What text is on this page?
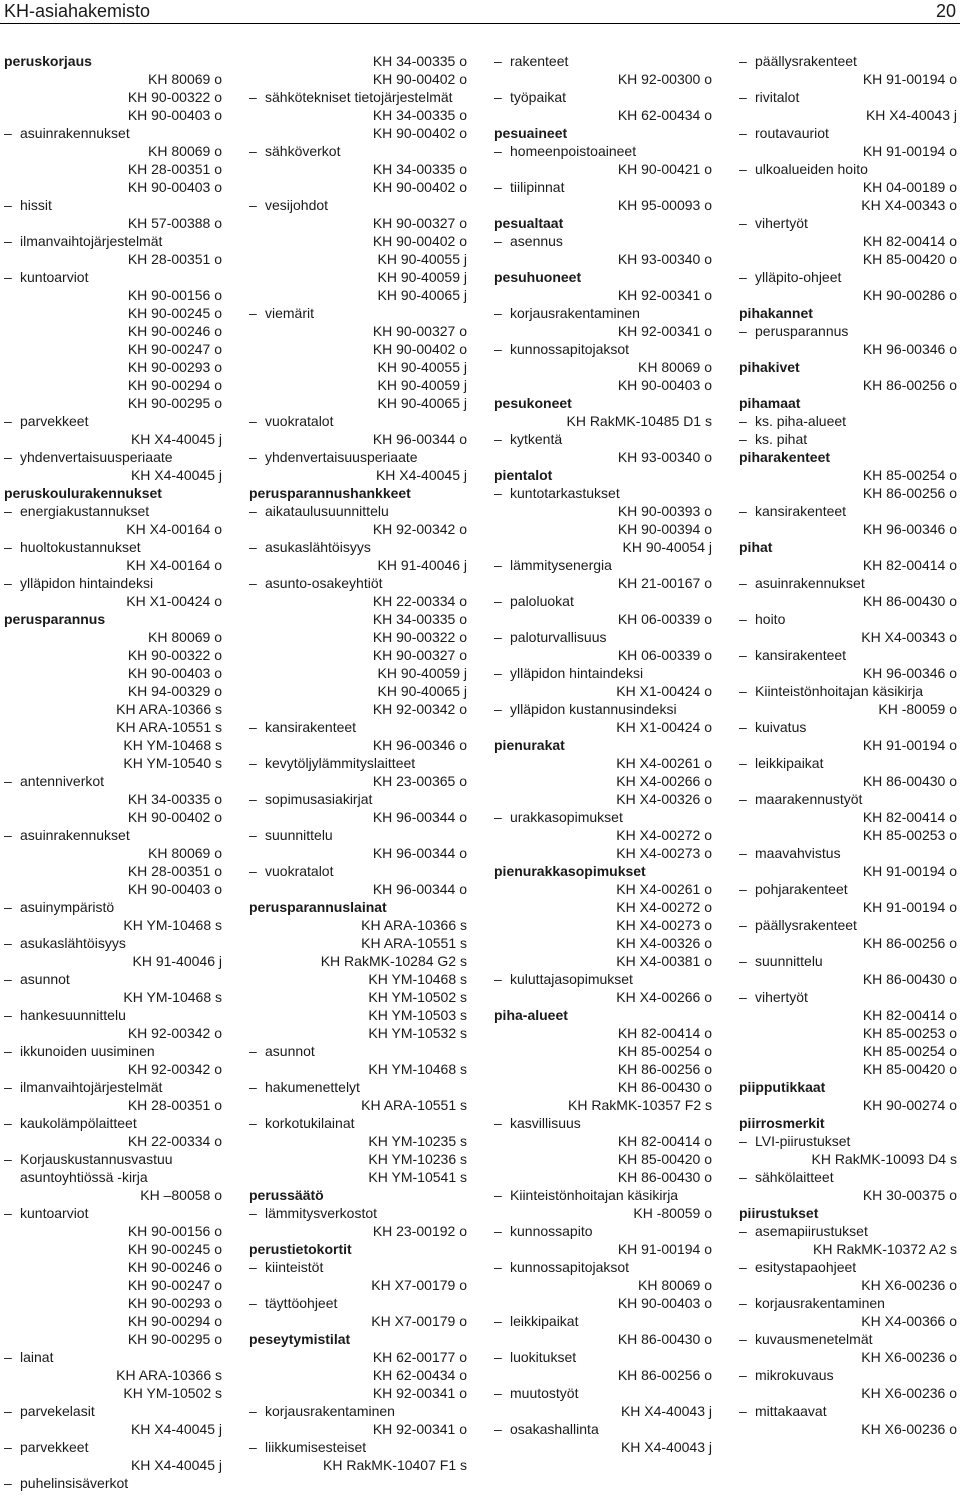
KH-asiahakemisto	20
peruskorjaus
KH 80069 o
KH 90-00322 o
KH 90-00403 o
– asuinrakennukset
KH 80069 o
KH 28-00351 o
KH 90-00403 o
– hissit
KH 57-00388 o
– ilmanvaihtojärjestelmät
KH 28-00351 o
– kuntoarviot
KH 90-00156 o
KH 90-00245 o
KH 90-00246 o
KH 90-00247 o
KH 90-00293 o
KH 90-00294 o
KH 90-00295 o
– parvekkeet
KH X4-40045 j
– yhdenvertaisuusperiaate
KH X4-40045 j
peruskoulurakennukset
– energiakustannukset
KH X4-00164 o
– huoltokustannukset
KH X4-00164 o
– ylläpidon hintaindeksi
KH X1-00424 o
perusparannus
KH 80069 o
KH 90-00322 o
KH 90-00403 o
KH 94-00329 o
KH ARA-10366 s
KH ARA-10551 s
KH YM-10468 s
KH YM-10540 s
– antenniverkot
KH 34-00335 o
KH 90-00402 o
– asuinrakennukset
KH 80069 o
KH 28-00351 o
KH 90-00403 o
– asuinympäristö
KH YM-10468 s
– asukaslähtöisyys
KH 91-40046 j
– asunnot
KH YM-10468 s
– hankesuunnittelu
KH 92-00342 o
– ikkunoiden uusiminen
KH 92-00342 o
– ilmanvaihtojärjestelmät
KH 28-00351 o
– kaukolämpölaitteet
KH 22-00334 o
– Korjauskustannusvastuu
asuntoyhtiössä -kirja
KH –80058 o
– kuntoarviot
KH 90-00156 o
KH 90-00245 o
KH 90-00246 o
KH 90-00247 o
KH 90-00293 o
KH 90-00294 o
KH 90-00295 o
– lainat
KH ARA-10366 s
KH YM-10502 s
– parvekelasit
KH X4-40045 j
– parvekkeet
KH X4-40045 j
– puhelinsisäverkot
KH 34-00335 o
KH 90-00402 o
– sähkötekniset tietojärjestelmät
KH 34-00335 o
KH 90-00402 o
– sähköverkot
KH 34-00335 o
KH 90-00402 o
– vesijohdot
KH 90-00327 o
KH 90-00402 o
KH 90-40055 j
KH 90-40059 j
KH 90-40065 j
– viemärit
KH 90-00327 o
KH 90-00402 o
KH 90-40055 j
KH 90-40059 j
KH 90-40065 j
– vuokratalot
KH 96-00344 o
– yhdenvertaisuusperiaate
KH X4-40045 j
perusparannushankkeet
– aikataulusuunnittelu
KH 92-00342 o
– asukaslähtöisyys
KH 91-40046 j
– asunto-osakeyhtiöt
KH 22-00334 o
KH 34-00335 o
KH 90-00322 o
KH 90-00327 o
KH 90-40059 j
KH 90-40065 j
KH 92-00342 o
– kansirakenteet
KH 96-00346 o
– kevytöljylämmityslaitteet
KH 23-00365 o
– sopimusasiakirjat
KH 96-00344 o
– suunnittelu
KH 96-00344 o
– vuokratalot
KH 96-00344 o
perusparannuslainat
KH ARA-10366 s
KH ARA-10551 s
KH RakMK-10284 G2 s
KH YM-10468 s
KH YM-10502 s
KH YM-10503 s
KH YM-10532 s
– asunnot
KH YM-10468 s
– hakumenettelyt
KH ARA-10551 s
– korkotukilainat
KH YM-10235 s
KH YM-10236 s
KH YM-10541 s
perussäätö
– lämmitysverkostot
KH 23-00192 o
perustietokortit
– kiinteistöt
KH X7-00179 o
– täyttöohjeet
KH X7-00179 o
peseytymistilat
KH 62-00177 o
KH 62-00434 o
KH 92-00341 o
– korjausrakentaminen
KH 92-00341 o
– liikkumisesteiset
KH RakMK-10407 F1 s
– rakenteet
KH 92-00300 o
– työpaikat
KH 62-00434 o
pesuaineet
– homeenpoistoaineet
KH 90-00421 o
– tiilipinnat
KH 95-00093 o
pesualtaat
– asennus
KH 93-00340 o
pesuhuoneet
KH 92-00341 o
– korjausrakentaminen
KH 92-00341 o
– kunnossapitojaksot
KH 80069 o
KH 90-00403 o
pesukoneet
KH RakMK-10485 D1 s
– kytkentä
KH 93-00340 o
pientalot
– kuntotarkastukset
KH 90-00393 o
KH 90-00394 o
KH 90-40054 j
– lämmitysenergia
KH 21-00167 o
– paloluokat
KH 06-00339 o
– paloturvallisuus
KH 06-00339 o
– ylläpidon hintaindeksi
KH X1-00424 o
– ylläpidon kustannusindeksi
KH X1-00424 o
pienurakat
KH X4-00261 o
KH X4-00266 o
KH X4-00326 o
– urakkasopimukset
KH X4-00272 o
KH X4-00273 o
pienurakkasopimukset
KH X4-00261 o
KH X4-00272 o
KH X4-00273 o
KH X4-00326 o
KH X4-00381 o
– kuluttajasopimukset
KH X4-00266 o
piha-alueet
KH 82-00414 o
KH 85-00254 o
KH 86-00256 o
KH 86-00430 o
KH RakMK-10357 F2 s
– kasvillisuus
KH 82-00414 o
KH 85-00420 o
KH 86-00430 o
– Kiinteistönhoitajan käsikirja
KH -80059 o
– kunnossapito
KH 91-00194 o
– kunnossapitojaksot
KH 80069 o
KH 90-00403 o
– leikkipaikat
KH 86-00430 o
– luokitukset
KH 86-00256 o
– muutostyöt
KH X4-40043 j
– osakashallinta
KH X4-40043 j
– päällysrakenteet
KH 91-00194 o
– rivitalot
KH X4-40043 j
– routavauriot
KH 91-00194 o
– ulkoalueiden hoito
KH 04-00189 o
KH X4-00343 o
– vihertyöt
KH 82-00414 o
KH 85-00420 o
– ylläpito-ohjeet
KH 90-00286 o
pihakannet
– perusparannus
KH 96-00346 o
pihakivet
KH 86-00256 o
pihamaat
– ks. piha-alueet
– ks. pihat
piharakenteet
KH 85-00254 o
KH 86-00256 o
– kansirakenteet
KH 96-00346 o
pihat
KH 82-00414 o
– asuinrakennukset
KH 86-00430 o
– hoito
KH X4-00343 o
– kansirakenteet
KH 96-00346 o
– Kiinteistönhoitajan käsikirja
KH -80059 o
– kuivatus
KH 91-00194 o
– leikkipaikat
KH 86-00430 o
– maarakennustyöt
KH 82-00414 o
KH 85-00253 o
– maavahvistus
KH 91-00194 o
– pohjarakenteet
KH 91-00194 o
– päällysrakenteet
KH 86-00256 o
– suunnittelu
KH 86-00430 o
– vihertyöt
KH 82-00414 o
KH 85-00253 o
KH 85-00254 o
KH 85-00420 o
piipputikkaat
KH 90-00274 o
piirrosmerkit
– LVI-piirustukset
KH RakMK-10093 D4 s
– sähkölaitteet
KH 30-00375 o
piirustukset
– asemapiirustukset
KH RakMK-10372 A2 s
– esitystapaohjeet
KH X6-00236 o
– korjausrakentaminen
KH X4-00366 o
– kuvausmenetelmät
KH X6-00236 o
– mikrokuvaus
KH X6-00236 o
– mittakaavat
KH X6-00236 o
